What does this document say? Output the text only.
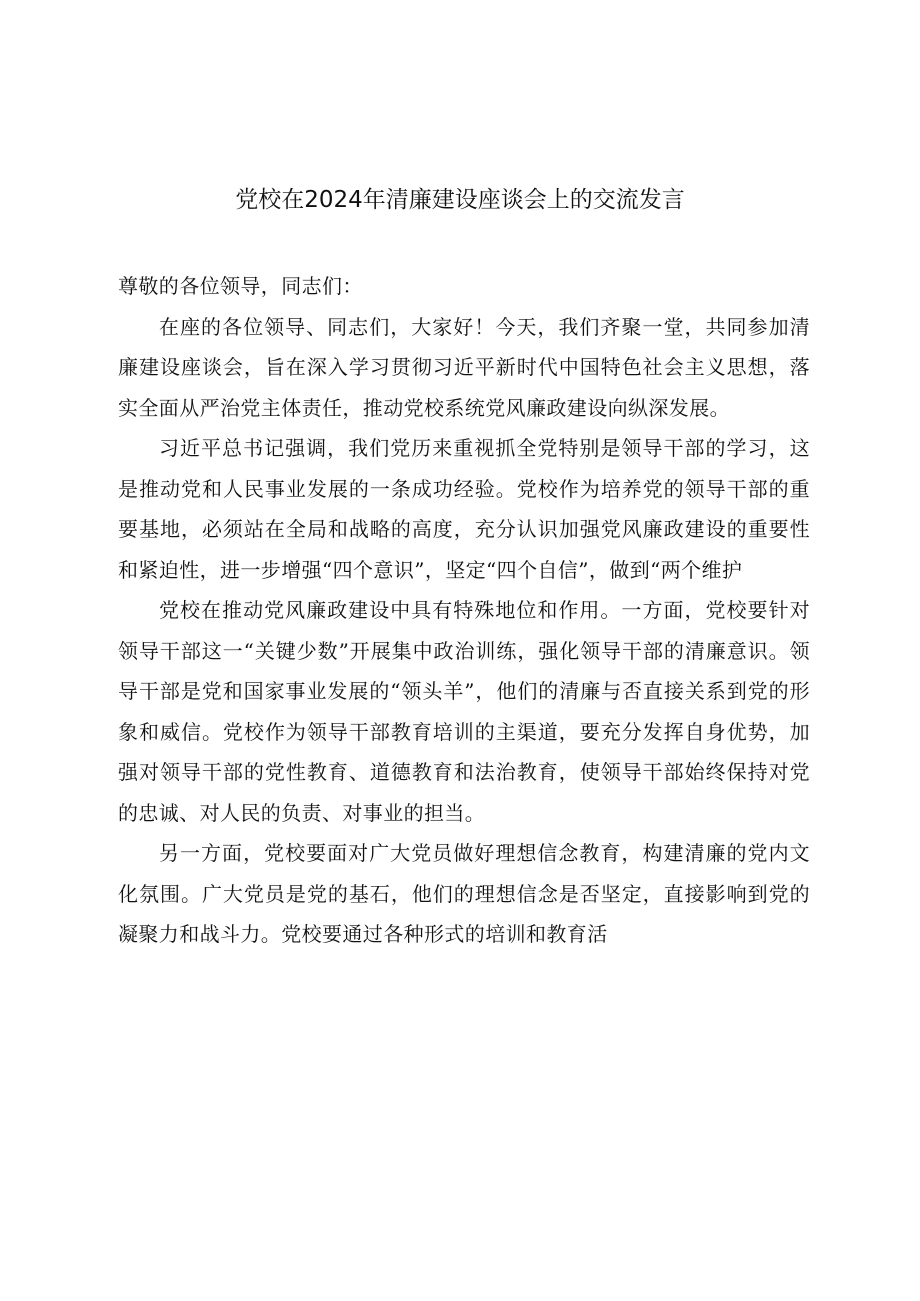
党校在2024年清廉建设座谈会上的交流发言

尊敬的各位领导，同志们：

在座的各位领导、同志们，大家好！今天，我们齐聚一堂，共同参加清廉建设座谈会，旨在深入学习贯彻习近平新时代中国特色社会主义思想，落实全面从严治党主体责任，推动党校系统党风廉政建设向纵深发展。

习近平总书记强调，我们党历来重视抓全党特别是领导干部的学习，这是推动党和人民事业发展的一条成功经验。党校作为培养党的领导干部的重要基地，必须站在全局和战略的高度，充分认识加强党风廉政建设的重要性和紧迫性，进一步增强“四个意识”，坚定“四个自信”，做到“两个维护

党校在推动党风廉政建设中具有特殊地位和作用。一方面，党校要针对领导干部这一“关键少数”开展集中政治训练，强化领导干部的清廉意识。领导干部是党和国家事业发展的“领头羊”，他们的清廉与否直接关系到党的形象和威信。党校作为领导干部教育培训的主渠道，要充分发挥自身优势，加强对领导干部的党性教育、道德教育和法治教育，使领导干部始终保持对党的忠诚、对人民的负责、对事业的担当。

另一方面，党校要面对广大党员做好理想信念教育，构建清廉的党内文化氛围。广大党员是党的基石，他们的理想信念是否坚定，直接影响到党的凝聚力和战斗力。党校要通过各种形式的培训和教育活
